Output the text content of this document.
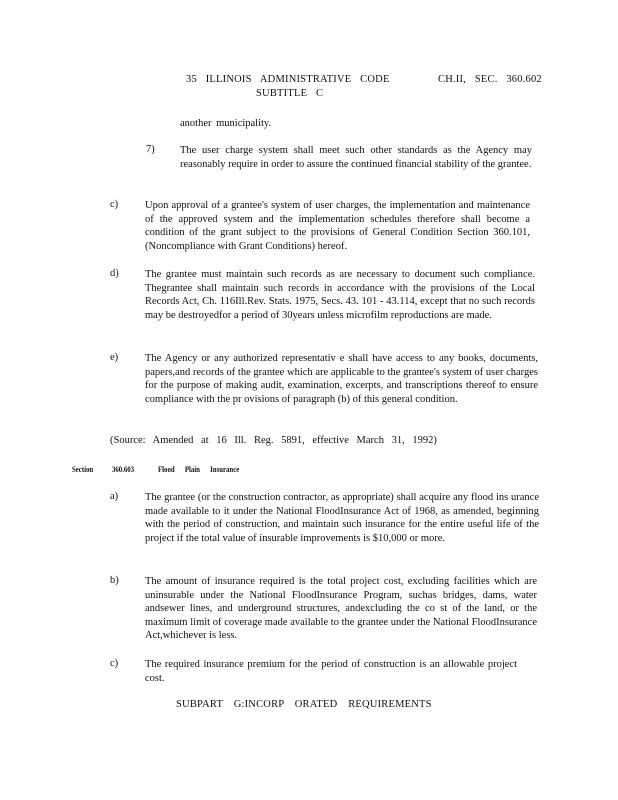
35 ILLINOIS ADMINISTRATIVE CODE	CH.II, SEC. 360.602
SUBTITLE C
another municipality.
7) The user charge system shall meet such other standards as the Agency may reasonably require in order to assure the continued financial stability of the grantee.
c)	Upon approval of a grantee's system of user charges, the implementation and maintenance of the approved system and the implementation schedules therefore shall become a condition of the grant subject to the provisions of General Condition Section 360.101, (Noncompliance with Grant Conditions) hereof.
d)	The grantee must maintain such records as are necessary to document such compliance. Thegrantee shall maintain such records in accordance with the provisions of the Local Records Act, Ch. 116Ill.Rev. Stats. 1975, Secs. 43. 101 - 43.114, except that no such records may be destroyedfor a period of 30years unless microfilm reproductions are made.
e)	The Agency or any authorized representativ e shall have access to any books, documents, papers,and records of the grantee which are applicable to the grantee's system of user charges for the purpose of making audit, examination, excerpts, and transcriptions thereof to ensure compliance with the pr ovisions of paragraph (b) of this general condition.
(Source: Amended at 16 Ill. Reg. 5891, effective March 31, 1992)
Section 360.603	Flood Plain Insurance
a)	The grantee (or the construction contractor, as appropriate) shall acquire any flood ins urance made available to it under the National FloodInsurance Act of 1968, as amended, beginning with the period of construction, and maintain such insurance for the entire useful life of the project if the total value of insurable improvements is $10,000 or more.
b)	The amount of insurance required is the total project cost, excluding facilities which are uninsurable under the National FloodInsurance Program, suchas bridges, dams, water andsewer lines, and underground structures, andexcluding the co st of the land, or the maximum limit of coverage made available to the grantee under the National FloodInsurance Act,whichever is less.
c)	The required insurance premium for the period of construction is an allowable project cost.
SUBPART G:INCORP ORATED REQUIREMENTS
